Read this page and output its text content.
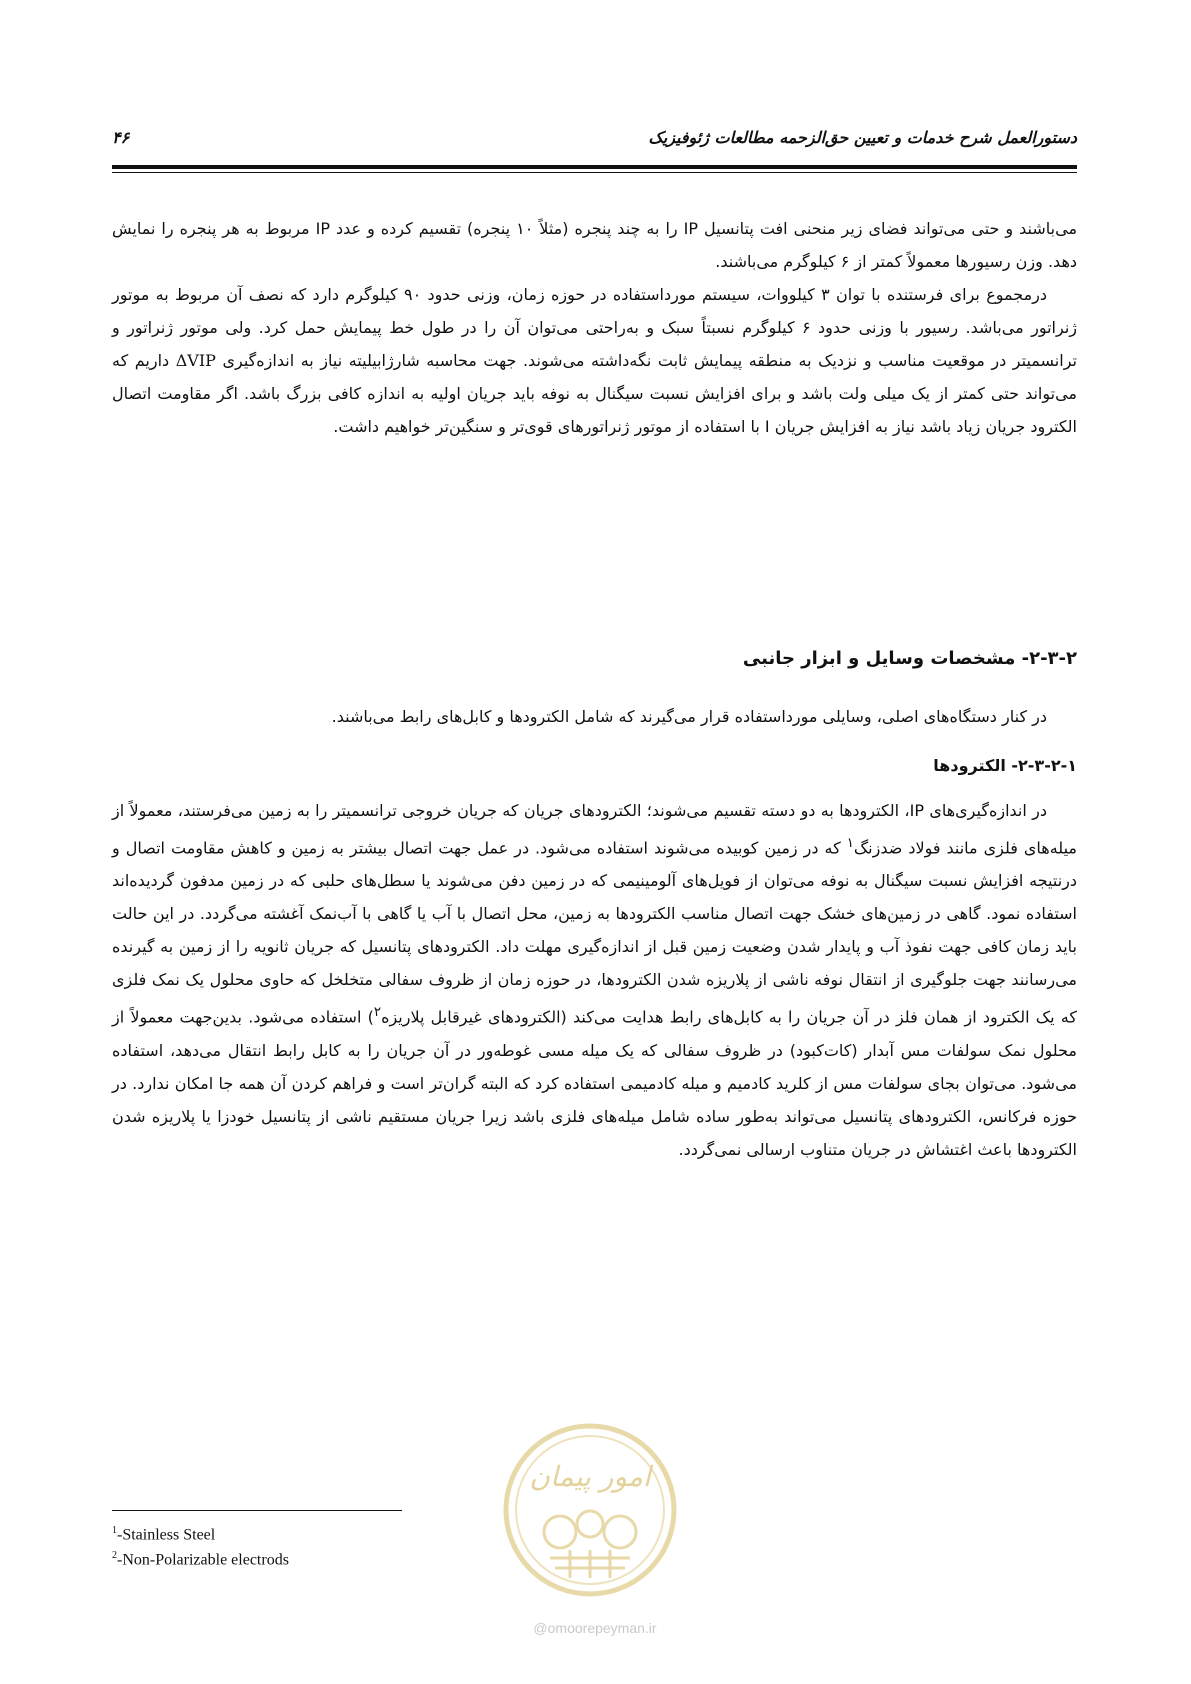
دستورالعمل شرح خدمات و تعیین حق‌الزحمه مطالعات ژئوفیزیک
۴۶

می‌باشند و حتی می‌تواند فضای زیر منحنی افت پتانسیل IP را به چند پنجره (مثلاً ۱۰ پنجره) تقسیم کرده و عدد IP مربوط به هر پنجره را نمایش دهد. وزن رسیورها معمولاً کمتر از ۶ کیلوگرم می‌باشند.

درمجموع برای فرستنده با توان ۳ کیلووات، سیستم مورداستفاده در حوزه زمان، وزنی حدود ۹۰ کیلوگرم دارد که نصف آن مربوط به موتور ژنراتور می‌باشد. رسیور با وزنی حدود ۶ کیلوگرم نسبتاً سبک و به‌راحتی می‌توان آن را در طول خط پیمایش حمل کرد. ولی موتور ژنراتور و ترانسمیتر در موقعیت مناسب و نزدیک به منطقه پیمایش ثابت نگه‌داشته می‌شوند. جهت محاسبه شارژابیلیته نیاز به اندازه‌گیری ΔVIP داریم که می‌تواند حتی کمتر از یک میلی ولت باشد و برای افزایش نسبت سیگنال به نوفه باید جریان اولیه به اندازه کافی بزرگ باشد. اگر مقاومت اتصال الکترود جریان زیاد باشد نیاز به افزایش جریان I با استفاده از موتور ژنراتورهای قوی‌تر و سنگین‌تر خواهیم داشت.

۲-۳-۲- مشخصات وسایل و ابزار جانبی

در کنار دستگاه‌های اصلی، وسایلی مورداستفاده قرار می‌گیرند که شامل الکترودها و کابل‌های رابط می‌باشند.

۲-۳-۲-۱- الکترودها

در اندازه‌گیری‌های IP، الکترودها به دو دسته تقسیم می‌شوند؛ الکترودهای جریان که جریان خروجی ترانسمیتر را به زمین می‌فرستند، معمولاً از میله‌های فلزی مانند فولاد ضدزنگ$^۱$ که در زمین کوبیده می‌شوند استفاده می‌شود. در عمل جهت اتصال بیشتر به زمین و کاهش مقاومت اتصال و درنتیجه افزایش نسبت سیگنال به نوفه می‌توان از فویل‌های آلومینیمی که در زمین دفن می‌شوند یا سطل‌های حلبی که در زمین مدفون گردیده‌اند استفاده نمود. گاهی در زمین‌های خشک جهت اتصال مناسب الکترودها به زمین، محل اتصال با آب یا گاهی با آب‌نمک آغشته می‌گردد. در این حالت باید زمان کافی جهت نفوذ آب و پایدار شدن وضعیت زمین قبل از اندازه‌گیری مهلت داد. الکترودهای پتانسیل که جریان ثانویه را از زمین به گیرنده می‌رسانند جهت جلوگیری از انتقال نوفه ناشی از پلاریزه شدن الکترودها، در حوزه زمان از ظروف سفالی متخلخل که حاوی محلول یک نمک فلزی که یک الکترود از همان فلز در آن جریان را به کابل‌های رابط هدایت می‌کند (الکترودهای غیرقابل پلاریزه$^۲$) استفاده می‌شود. بدین‌جهت معمولاً از محلول نمک سولفات مس آبدار (کات‌کبود) در ظروف سفالی که یک میله مسی غوطه‌ور در آن جریان را به کابل رابط انتقال می‌دهد، استفاده می‌شود. می‌توان بجای سولفات مس از کلرید کادمیم و میله کادمیمی استفاده کرد که البته گران‌تر است و فراهم کردن آن همه جا امکان ندارد. در حوزه فرکانس، الکترودهای پتانسیل می‌تواند به‌طور ساده شامل میله‌های فلزی باشد زیرا جریان مستقیم ناشی از پتانسیل خودزا یا پلاریزه شدن الکترودها باعث اغتشاش در جریان متناوب ارسالی نمی‌گردد.

$^1$-Stainless Steel
$^2$-Non-Polarizable electrods
امور پیمان
@omoorepeyman.ir
